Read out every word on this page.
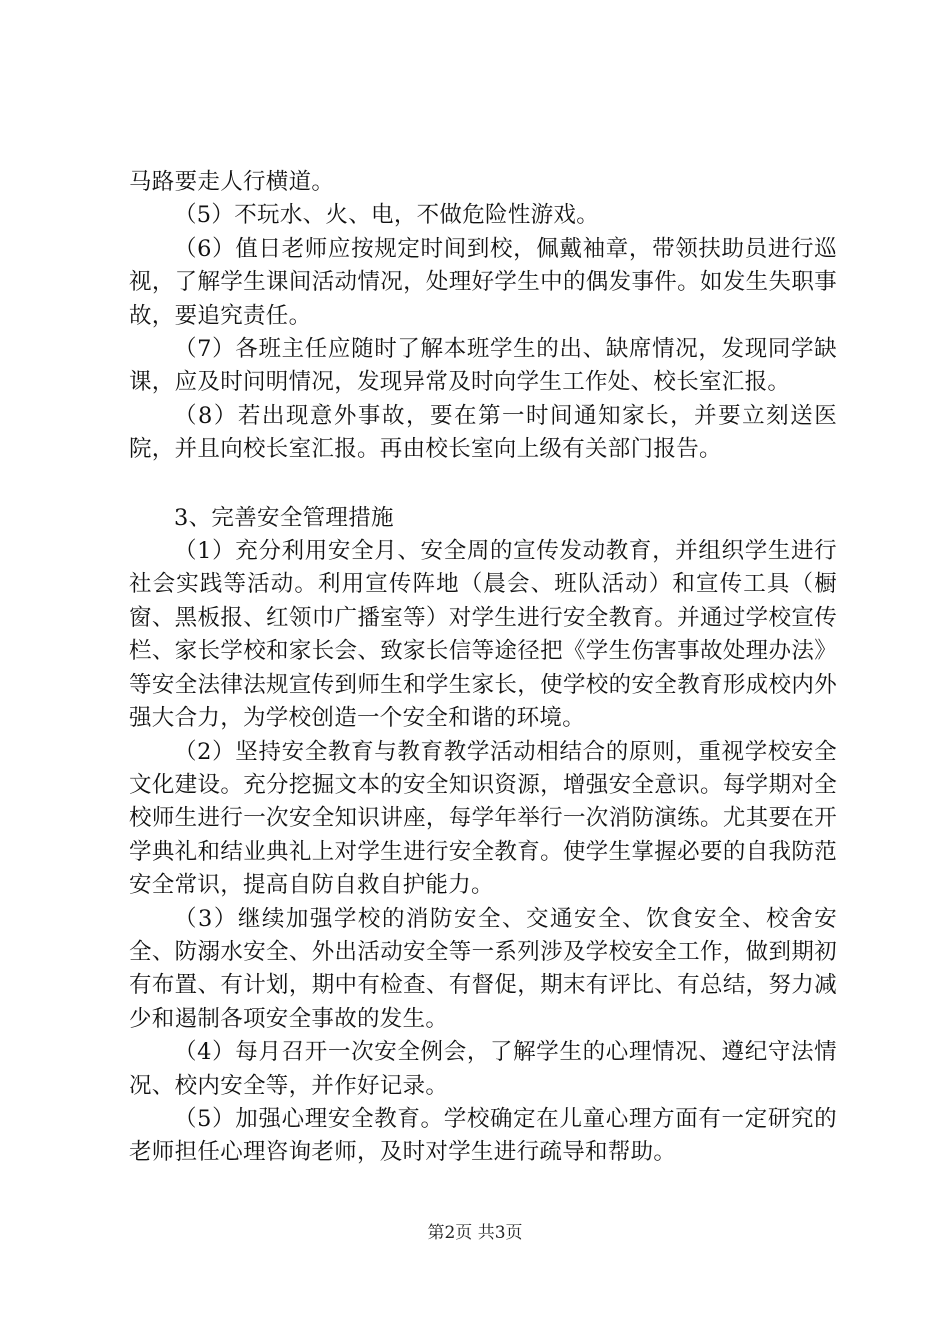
马路要走人行横道。

（5）不玩水、火、电，不做危险性游戏。

（6）值日老师应按规定时间到校，佩戴袖章，带领扶助员进行巡视，了解学生课间活动情况，处理好学生中的偶发事件。如发生失职事故，要追究责任。

（7）各班主任应随时了解本班学生的出、缺席情况，发现同学缺课，应及时问明情况，发现异常及时向学生工作处、校长室汇报。

（8）若出现意外事故，要在第一时间通知家长，并要立刻送医院，并且向校长室汇报。再由校长室向上级有关部门报告。

3、完善安全管理措施

（1）充分利用安全月、安全周的宣传发动教育，并组织学生进行社会实践等活动。利用宣传阵地（晨会、班队活动）和宣传工具（橱窗、黑板报、红领巾广播室等）对学生进行安全教育。并通过学校宣传栏、家长学校和家长会、致家长信等途径把《学生伤害事故处理办法》等安全法律法规宣传到师生和学生家长，使学校的安全教育形成校内外强大合力，为学校创造一个安全和谐的环境。

（2）坚持安全教育与教育教学活动相结合的原则，重视学校安全文化建设。充分挖掘文本的安全知识资源，增强安全意识。每学期对全校师生进行一次安全知识讲座，每学年举行一次消防演练。尤其要在开学典礼和结业典礼上对学生进行安全教育。使学生掌握必要的自我防范安全常识，提高自防自救自护能力。

（3）继续加强学校的消防安全、交通安全、饮食安全、校舍安全、防溺水安全、外出活动安全等一系列涉及学校安全工作，做到期初有布置、有计划，期中有检查、有督促，期末有评比、有总结，努力减少和遏制各项安全事故的发生。

（4）每月召开一次安全例会，了解学生的心理情况、遵纪守法情况、校内安全等，并作好记录。

（5）加强心理安全教育。学校确定在儿童心理方面有一定研究的老师担任心理咨询老师，及时对学生进行疏导和帮助。

第2页 共3页
